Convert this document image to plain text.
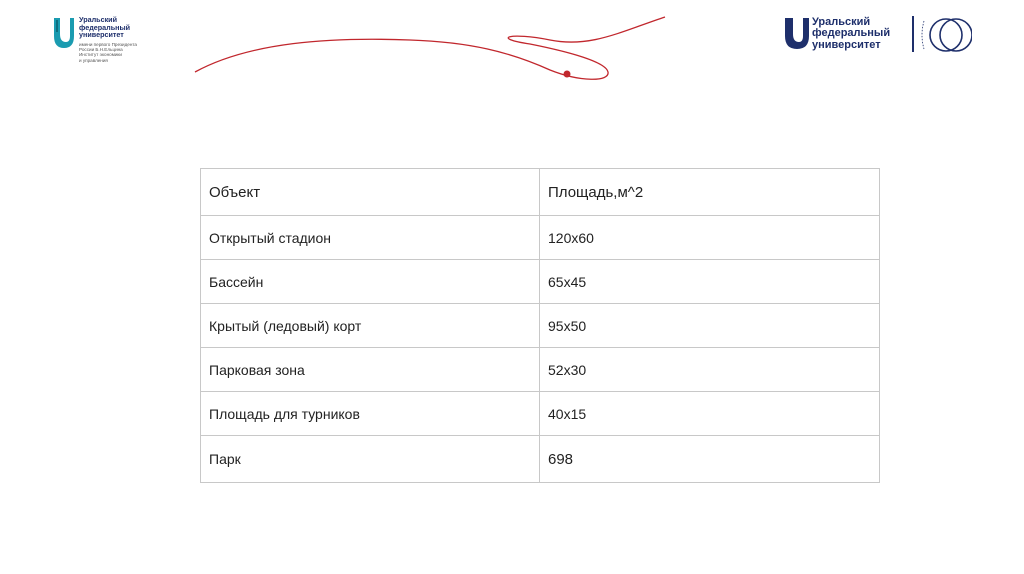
Уральский
федеральный
университет
имени первого Президента
России Б.Н.Ельцина
Институт экономики
и управления
Уральский
федеральный
университет
Объект	Площадь,м^2
Открытый стадион	120х60
Бассейн	65х45
Крытый (ледовый) корт	95х50
Парковая зона	52х30
Площадь для турников	40х15
Парк	698
